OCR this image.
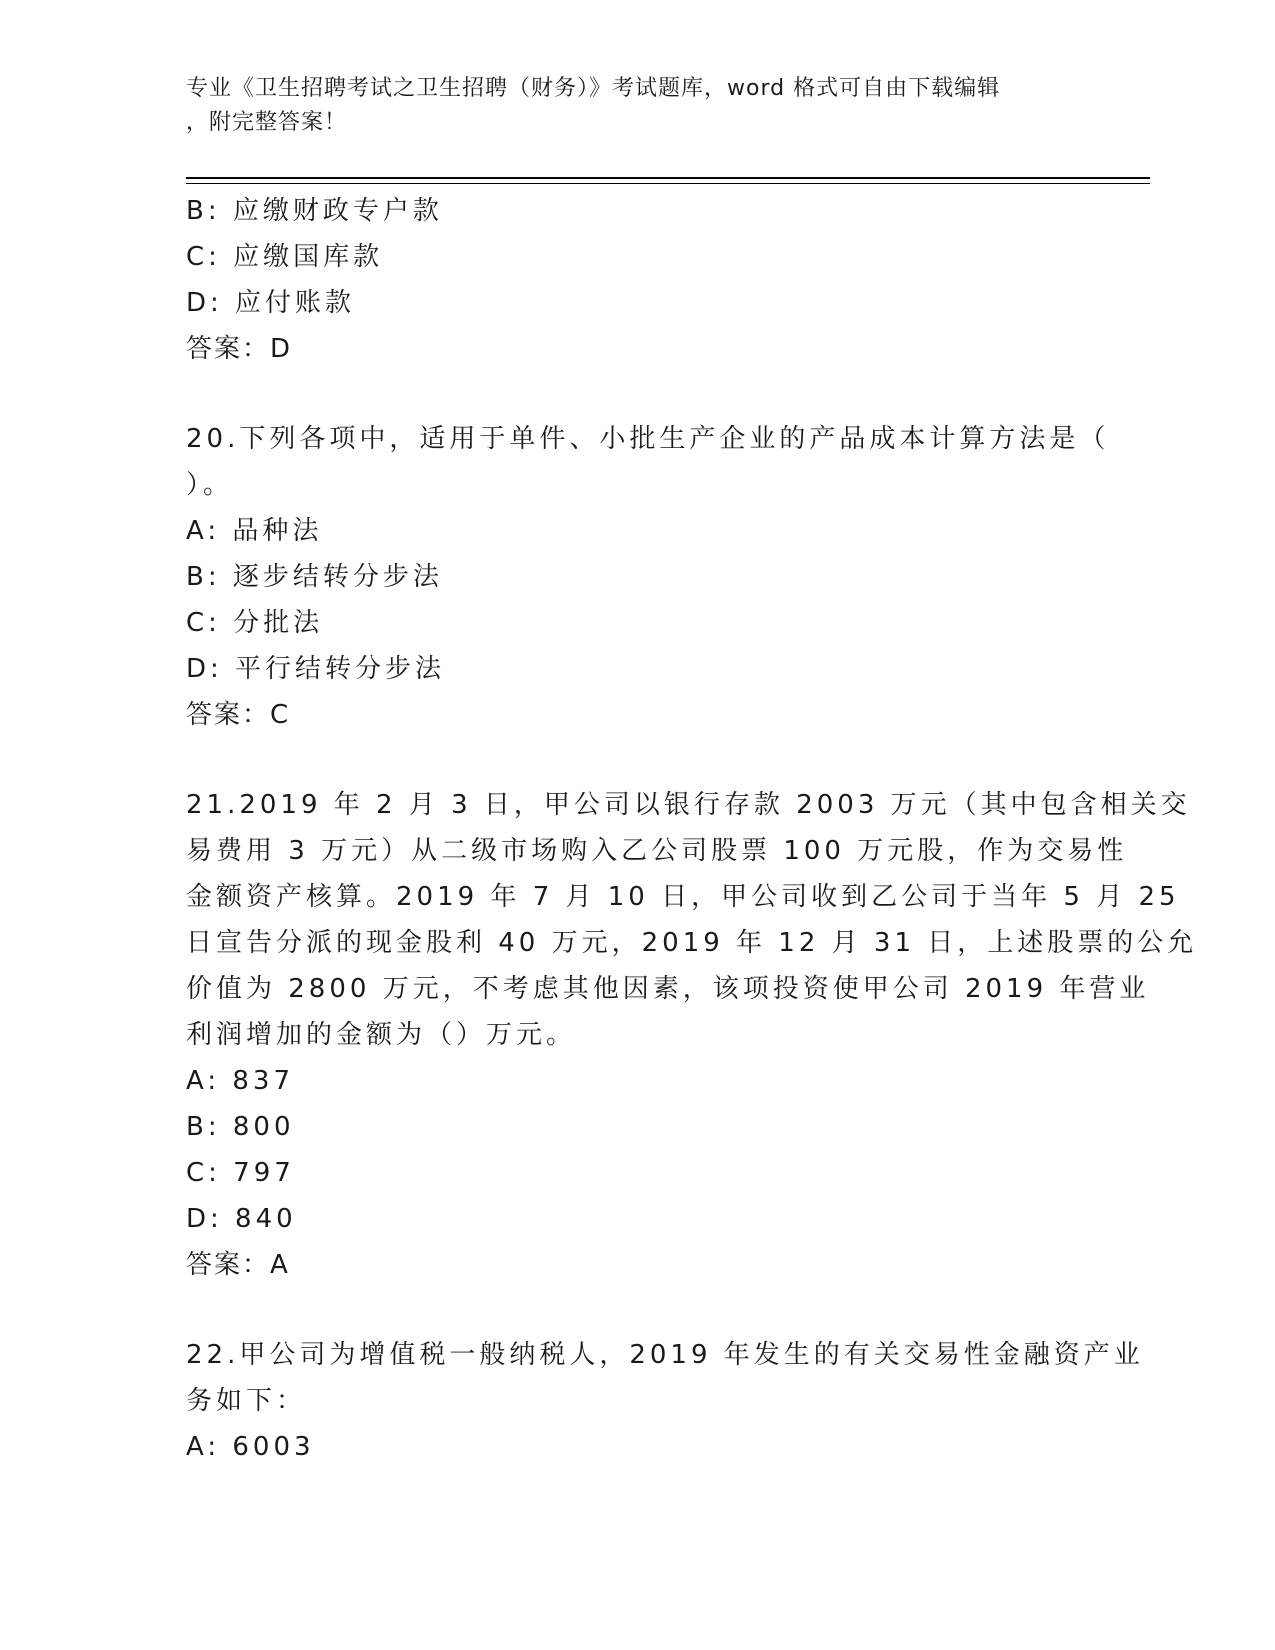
专业《卫生招聘考试之卫生招聘（财务）》考试题库，word 格式可自由下载编辑
，附完整答案！
B: 应缴财政专户款
C: 应缴国库款
D: 应付账款
答案：D
20.下列各项中，适用于单件、小批生产企业的产品成本计算方法是（
）。
A: 品种法
B: 逐步结转分步法
C: 分批法
D: 平行结转分步法
答案：C
21.2019 年 2 月 3 日，甲公司以银行存款 2003 万元（其中包含相关交
易费用 3 万元）从二级市场购入乙公司股票 100 万元股，作为交易性
金额资产核算。2019 年 7 月 10 日，甲公司收到乙公司于当年 5 月 25
日宣告分派的现金股利 40 万元，2019 年 12 月 31 日，上述股票的公允
价值为 2800 万元，不考虑其他因素，该项投资使甲公司 2019 年营业
利润增加的金额为（）万元。
A: 837
B: 800
C: 797
D: 840
答案：A
22.甲公司为增值税一般纳税人，2019 年发生的有关交易性金融资产业
务如下：
A: 6003
